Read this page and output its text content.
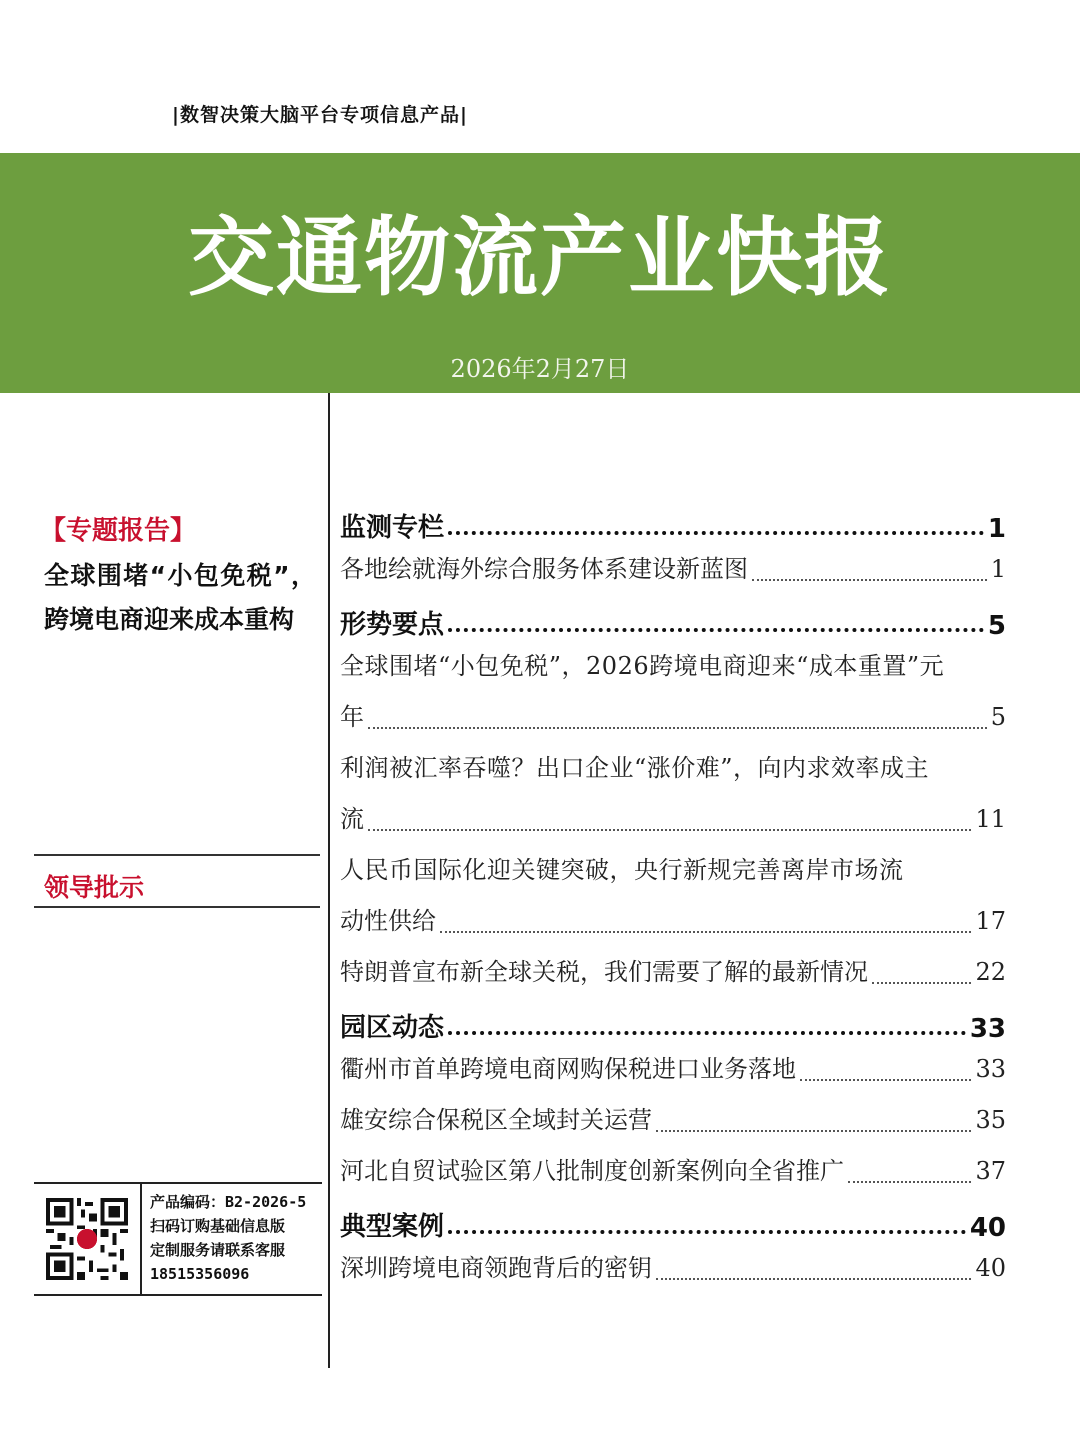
|数智决策大脑平台专项信息产品|
交通物流产业快报
2026年2月27日
【专题报告】
全球围堵“小包免税”，跨境电商迎来成本重构
领导批示
产品编码：B2-2026-5
扫码订购基础信息版
定制服务请联系客服
18515356096
监测专栏	1
各地绘就海外综合服务体系建设新蓝图	1
形势要点	5
全球围堵“小包免税”，2026跨境电商迎来“成本重置”元
年	5
利润被汇率吞噬？出口企业“涨价难”，向内求效率成主
流	11
人民币国际化迎关键突破，央行新规完善离岸市场流
动性供给	17
特朗普宣布新全球关税，我们需要了解的最新情况	22
园区动态	33
衢州市首单跨境电商网购保税进口业务落地	33
雄安综合保税区全域封关运营	35
河北自贸试验区第八批制度创新案例向全省推广	37
典型案例	40
深圳跨境电商领跑背后的密钥	40
